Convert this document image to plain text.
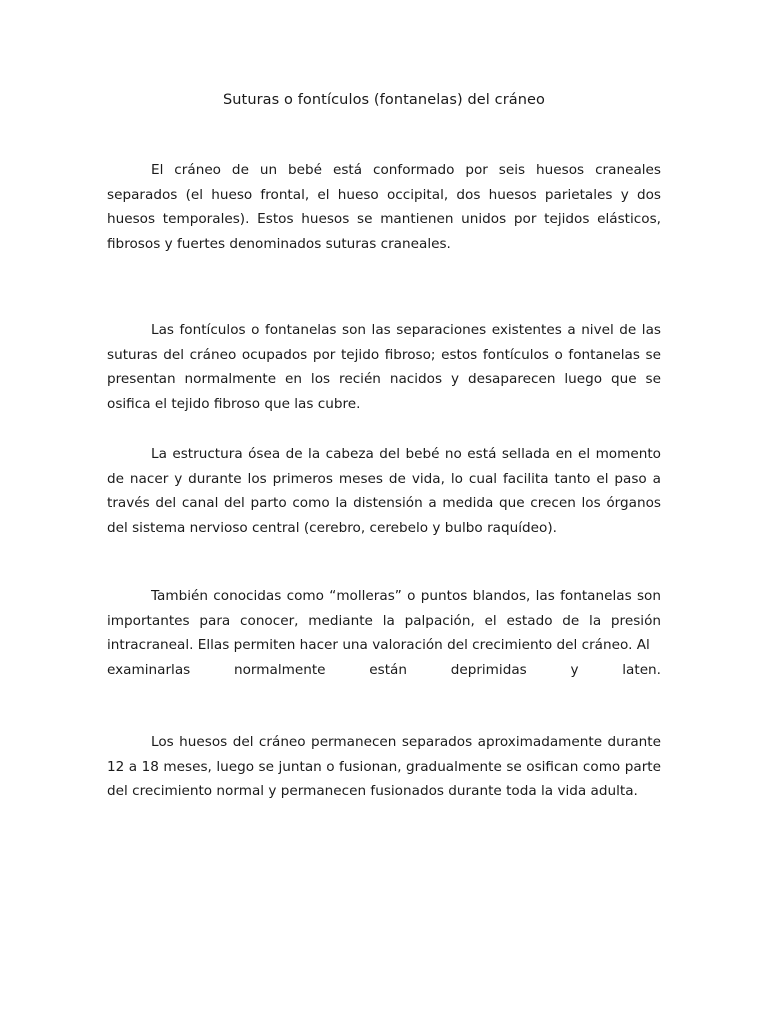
Suturas o fontículos (fontanelas) del cráneo

El cráneo de un bebé está conformado por seis huesos craneales separados (el hueso frontal, el hueso occipital, dos huesos parietales y dos huesos temporales). Estos huesos se mantienen unidos por tejidos elásticos, fibrosos y fuertes denominados suturas craneales.

Las fontículos o fontanelas son las separaciones existentes a nivel de las suturas del cráneo ocupados por tejido fibroso; estos fontículos o fontanelas se presentan normalmente en los recién nacidos y desaparecen luego que se osifica el tejido fibroso que las cubre.

La estructura ósea de la cabeza del bebé no está sellada en el momento de nacer y durante los primeros meses de vida, lo cual facilita tanto el paso a través del canal del parto como la distensión a medida que crecen los órganos del sistema nervioso central (cerebro, cerebelo y bulbo raquídeo).

También conocidas como “molleras” o puntos blandos, las fontanelas son importantes para conocer, mediante la palpación, el estado de la presión intracraneal. Ellas permiten hacer una valoración del crecimiento del cráneo. Al
examinarlas normalmente están deprimidas y laten.

Los huesos del cráneo permanecen separados aproximadamente durante 12 a 18 meses, luego se juntan o fusionan, gradualmente se osifican como parte del crecimiento normal y permanecen fusionados durante toda la vida adulta.
